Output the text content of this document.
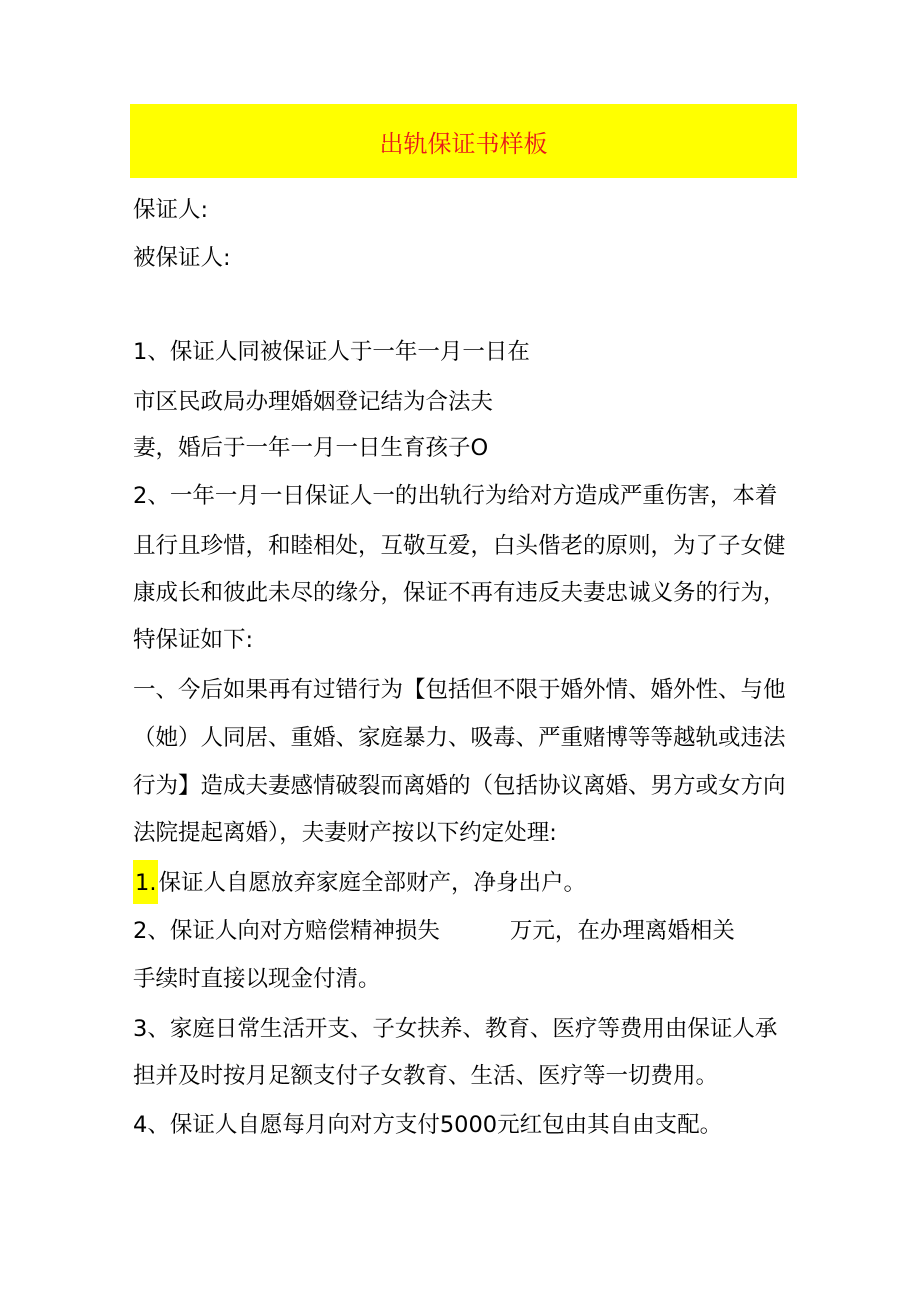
出轨保证书样板
保证人:
被保证人:
1、保证人同被保证人于一年一月一日在
市区民政局办理婚姻登记结为合法夫
妻，婚后于一年一月一日生育孩子O
2、一年一月一日保证人一的出轨行为给对方造成严重伤害，本着
且行且珍惜，和睦相处，互敬互爱，白头偕老的原则，为了子女健
康成长和彼此未尽的缘分，保证不再有违反夫妻忠诚义务的行为，
特保证如下:
一、今后如果再有过错行为【包括但不限于婚外情、婚外性、与他
（她）人同居、重婚、家庭暴力、吸毒、严重赌博等等越轨或违法
行为】造成夫妻感情破裂而离婚的（包括协议离婚、男方或女方向
法院提起离婚），夫妻财产按以下约定处理:
1.保证人自愿放弃家庭全部财产，净身出户。
2、保证人向对方赔偿精神损失	万元，在办理离婚相关
手续时直接以现金付清。
3、家庭日常生活开支、子女扶养、教育、医疗等费用由保证人承
担并及时按月足额支付子女教育、生活、医疗等一切费用。
4、保证人自愿每月向对方支付5000元红包由其自由支配。
